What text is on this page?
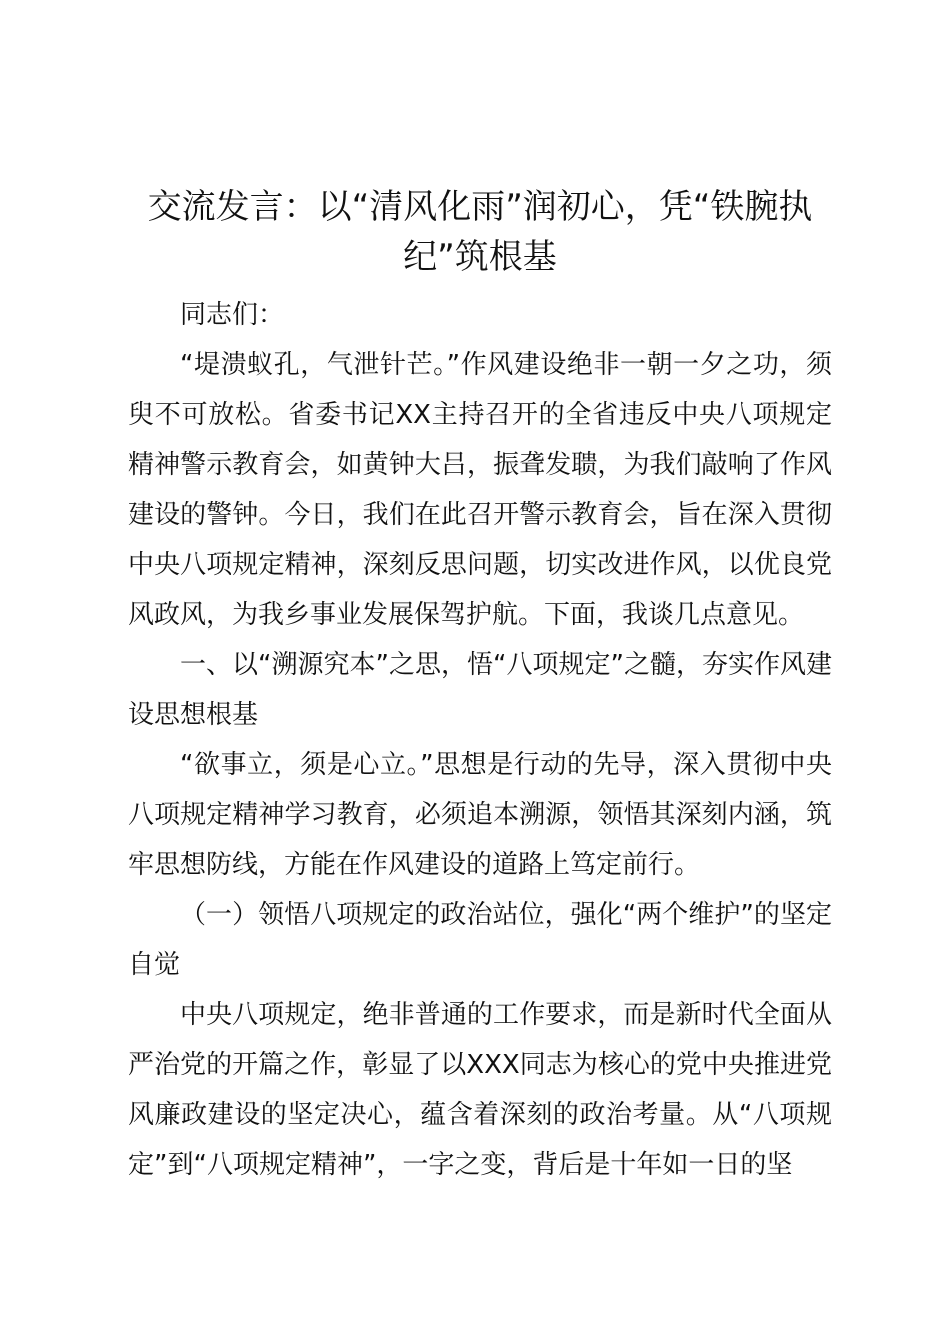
交流发言：以“清风化雨”润初心，凭“铁腕执纪”筑根基

同志们：

“堤溃蚁孔，气泄针芒。”作风建设绝非一朝一夕之功，须臾不可放松。省委书记XX主持召开的全省违反中央八项规定精神警示教育会，如黄钟大吕，振聋发聩，为我们敲响了作风建设的警钟。今日，我们在此召开警示教育会，旨在深入贯彻中央八项规定精神，深刻反思问题，切实改进作风，以优良党风政风，为我乡事业发展保驾护航。下面，我谈几点意见。

一、以“溯源究本”之思，悟“八项规定”之髓，夯实作风建设思想根基

“欲事立，须是心立。”思想是行动的先导，深入贯彻中央八项规定精神学习教育，必须追本溯源，领悟其深刻内涵，筑牢思想防线，方能在作风建设的道路上笃定前行。

（一）领悟八项规定的政治站位，强化“两个维护”的坚定自觉

中央八项规定，绝非普通的工作要求，而是新时代全面从严治党的开篇之作，彰显了以XXX同志为核心的党中央推进党风廉政建设的坚定决心，蕴含着深刻的政治考量。从“八项规定”到“八项规定精神”，一字之变，背后是十年如一日的坚
